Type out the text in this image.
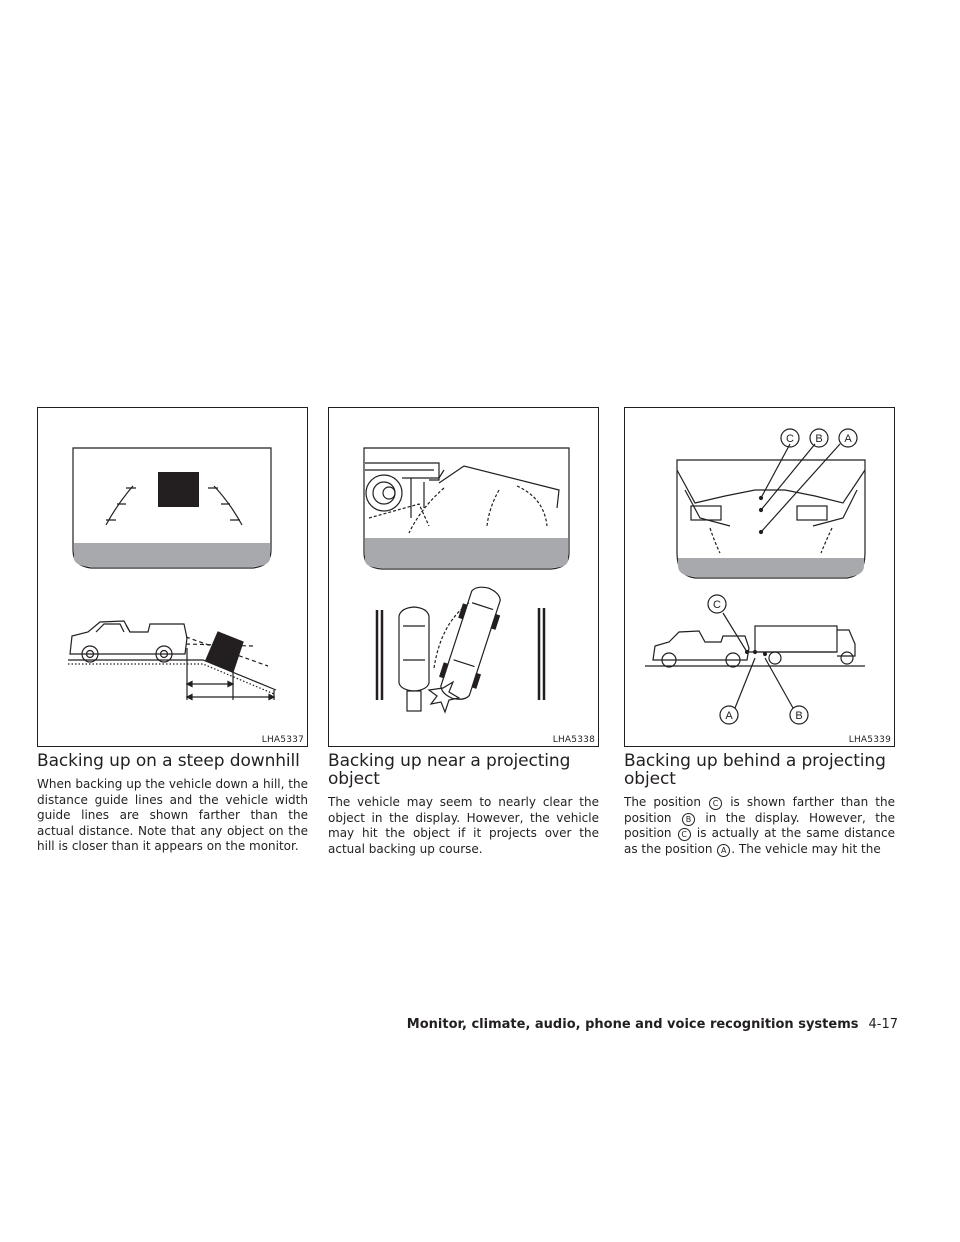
LHA5337	LHA5338
C B A
C
A	B
LHA5339
Backing up on a steep downhill

When backing up the vehicle down a hill, the distance guide lines and the vehicle width guide lines are shown farther than the actual distance. Note that any object on the hill is closer than it appears on the monitor.

Backing up near a projecting object

The vehicle may seem to nearly clear the object in the display. However, the vehicle may hit the object if it projects over the actual backing up course.

Backing up behind a projecting object

The position C is shown farther than the position B in the display. However, the position C is actually at the same distance as the position A . The vehicle may hit the

Monitor, climate, audio, phone and voice recognition systems 4-17
